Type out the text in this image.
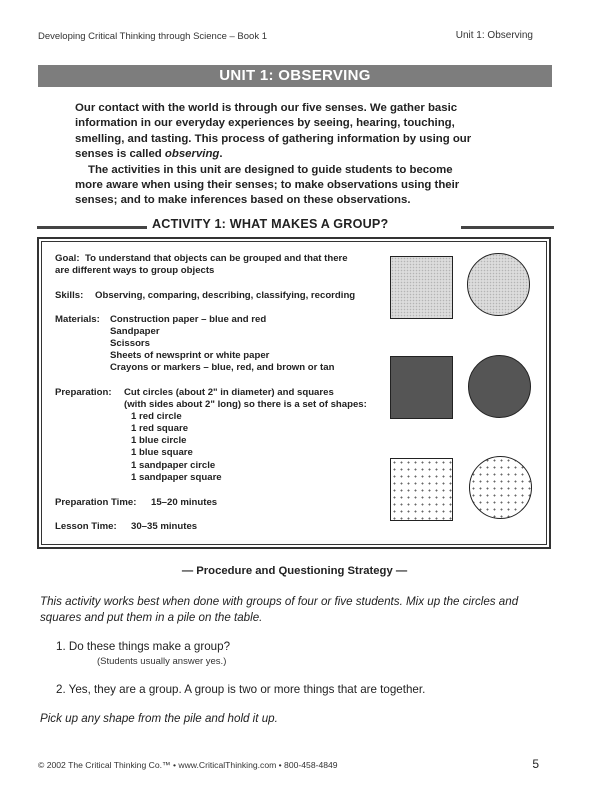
Developing Critical Thinking through Science – Book 1	Unit 1: Observing
UNIT 1: OBSERVING

Our contact with the world is through our five senses. We gather basic
information in our everyday experiences by seeing, hearing, touching,
smelling, and tasting. This process of gathering information by using our
senses is called observing.

The activities in this unit are designed to guide students to become
more aware when using their senses; to make observations using their
senses; and to make inferences based on these observations.

ACTIVITY 1: WHAT MAKES A GROUP?
Goal: To understand that objects can be grouped and that there
are different ways to group objects
Skills: Observing, comparing, describing, classifying, recording
Materials: Construction paper – blue and red
Sandpaper
Scissors
Sheets of newsprint or white paper
Crayons or markers – blue, red, and brown or tan
Preparation: Cut circles (about 2" in diameter) and squares
(with sides about 2" long) so there is a set of shapes:
1 red circle
1 red square
1 blue circle
1 blue square
1 sandpaper circle
1 sandpaper square
Preparation Time: 15–20 minutes
Lesson Time: 30–35 minutes
— Procedure and Questioning Strategy —
This activity works best when done with groups of four or five students. Mix up the circles and
squares and put them in a pile on the table.
1. Do these things make a group?
(Students usually answer yes.)
2. Yes, they are a group. A group is two or more things that are together.
Pick up any shape from the pile and hold it up.
© 2002 The Critical Thinking Co.™ • www.CriticalThinking.com • 800-458-4849	5
